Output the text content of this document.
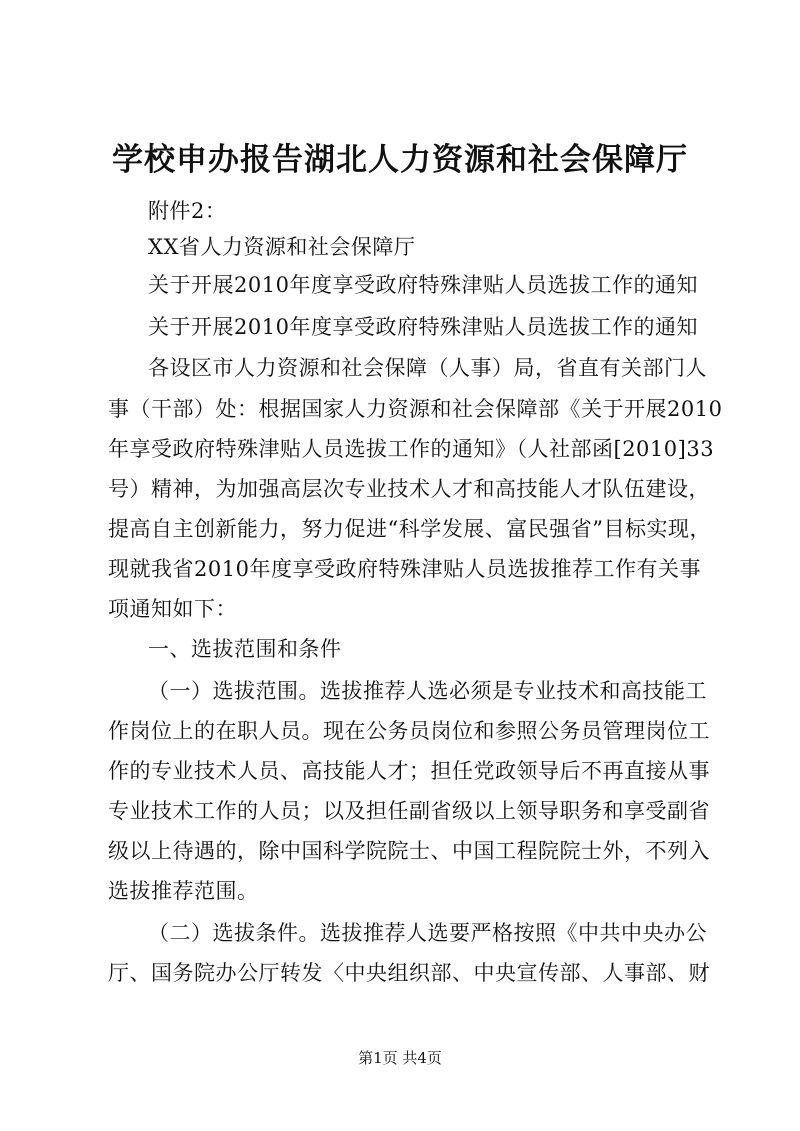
学校申办报告湖北人力资源和社会保障厅
附件2：
XX省人力资源和社会保障厅
关于开展2010年度享受政府特殊津贴人员选拔工作的通知
关于开展2010年度享受政府特殊津贴人员选拔工作的通知
各设区市人力资源和社会保障（人事）局，省直有关部门人
事（干部）处：根据国家人力资源和社会保障部《关于开展2010
年享受政府特殊津贴人员选拔工作的通知》（人社部函[2010]33
号）精神，为加强高层次专业技术人才和高技能人才队伍建设，
提高自主创新能力，努力促进“科学发展、富民强省”目标实现，
现就我省2010年度享受政府特殊津贴人员选拔推荐工作有关事
项通知如下：
一、选拔范围和条件
（一）选拔范围。选拔推荐人选必须是专业技术和高技能工
作岗位上的在职人员。现在公务员岗位和参照公务员管理岗位工
作的专业技术人员、高技能人才；担任党政领导后不再直接从事
专业技术工作的人员；以及担任副省级以上领导职务和享受副省
级以上待遇的，除中国科学院院士、中国工程院院士外，不列入
选拔推荐范围。
（二）选拔条件。选拔推荐人选要严格按照《中共中央办公
厅、国务院办公厅转发〈中央组织部、中央宣传部、人事部、财
第1页 共4页
